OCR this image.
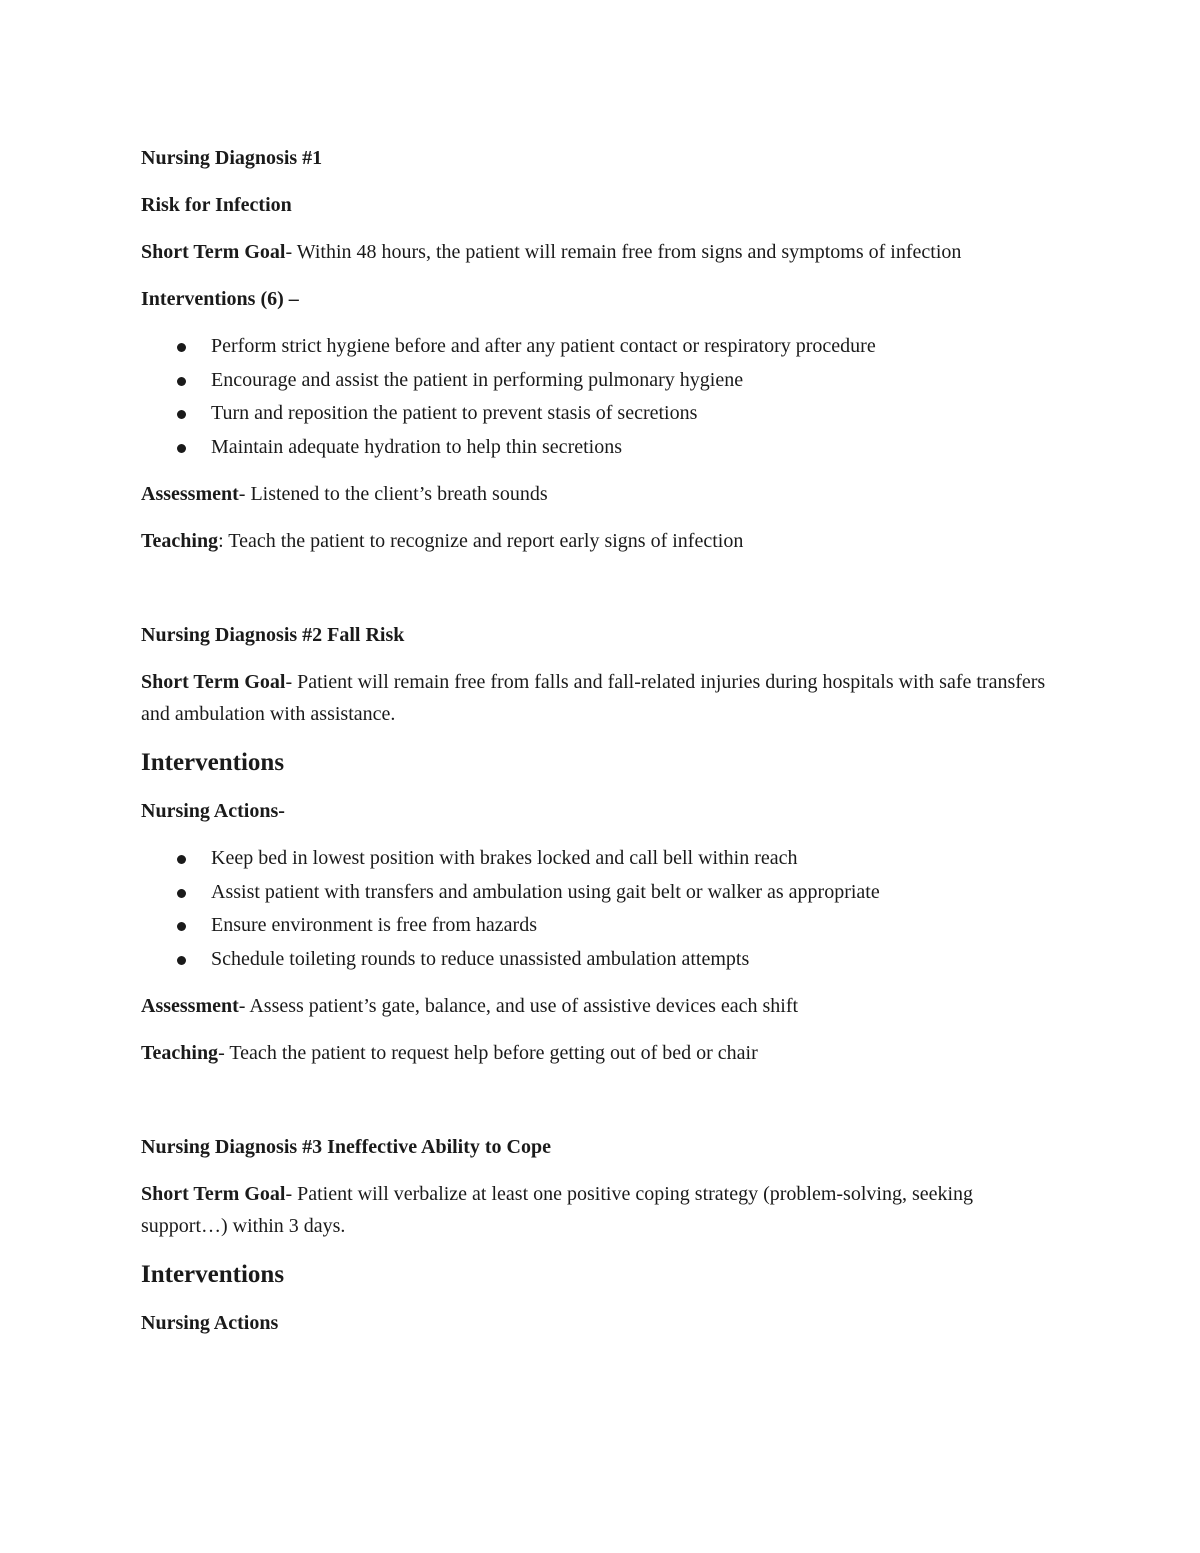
Nursing Diagnosis #1

Risk for Infection

Short Term Goal- Within 48 hours, the patient will remain free from signs and symptoms of infection

Interventions (6) –

Perform strict hygiene before and after any patient contact or respiratory procedure
Encourage and assist the patient in performing pulmonary hygiene
Turn and reposition the patient to prevent stasis of secretions
Maintain adequate hydration to help thin secretions

Assessment- Listened to the client’s breath sounds

Teaching: Teach the patient to recognize and report early signs of infection

Nursing Diagnosis #2 Fall Risk

Short Term Goal- Patient will remain free from falls and fall-related injuries during hospitals with safe transfers and ambulation with assistance.

Interventions

Nursing Actions-

Keep bed in lowest position with brakes locked and call bell within reach
Assist patient with transfers and ambulation using gait belt or walker as appropriate
Ensure environment is free from hazards
Schedule toileting rounds to reduce unassisted ambulation attempts

Assessment- Assess patient’s gate, balance, and use of assistive devices each shift

Teaching- Teach the patient to request help before getting out of bed or chair

Nursing Diagnosis #3 Ineffective Ability to Cope

Short Term Goal- Patient will verbalize at least one positive coping strategy (problem-solving, seeking support…) within 3 days.

Interventions

Nursing Actions
